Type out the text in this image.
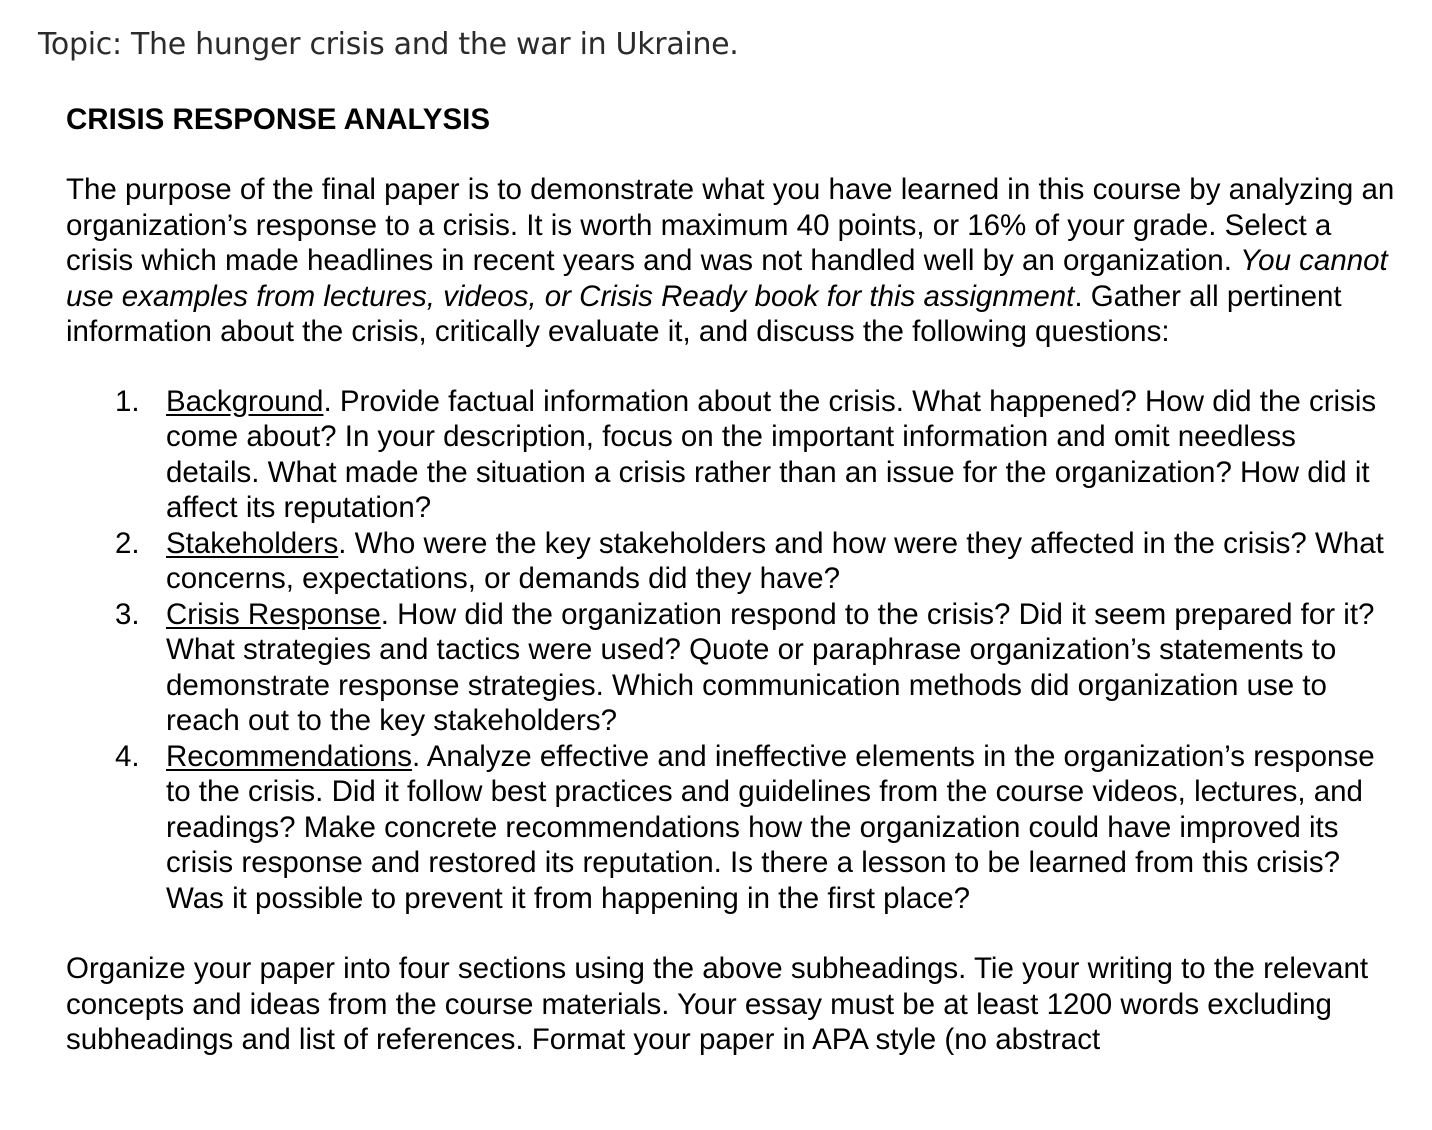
Topic: The hunger crisis and the war in Ukraine.

CRISIS RESPONSE ANALYSIS

The purpose of the final paper is to demonstrate what you have learned in this course by analyzing an organization’s response to a crisis. It is worth maximum 40 points, or 16% of your grade. Select a crisis which made headlines in recent years and was not handled well by an organization. You cannot use examples from lectures, videos, or Crisis Ready book for this assignment. Gather all pertinent information about the crisis, critically evaluate it, and discuss the following questions:

1. Background. Provide factual information about the crisis. What happened? How did the crisis come about? In your description, focus on the important information and omit needless details. What made the situation a crisis rather than an issue for the organization? How did it affect its reputation?
2. Stakeholders. Who were the key stakeholders and how were they affected in the crisis? What concerns, expectations, or demands did they have?
3. Crisis Response. How did the organization respond to the crisis? Did it seem prepared for it? What strategies and tactics were used? Quote or paraphrase organization’s statements to demonstrate response strategies. Which communication methods did organization use to reach out to the key stakeholders?
4. Recommendations. Analyze effective and ineffective elements in the organization’s response to the crisis. Did it follow best practices and guidelines from the course videos, lectures, and readings? Make concrete recommendations how the organization could have improved its crisis response and restored its reputation. Is there a lesson to be learned from this crisis? Was it possible to prevent it from happening in the first place?

Organize your paper into four sections using the above subheadings. Tie your writing to the relevant concepts and ideas from the course materials. Your essay must be at least 1200 words excluding subheadings and list of references. Format your paper in APA style (no abstract
